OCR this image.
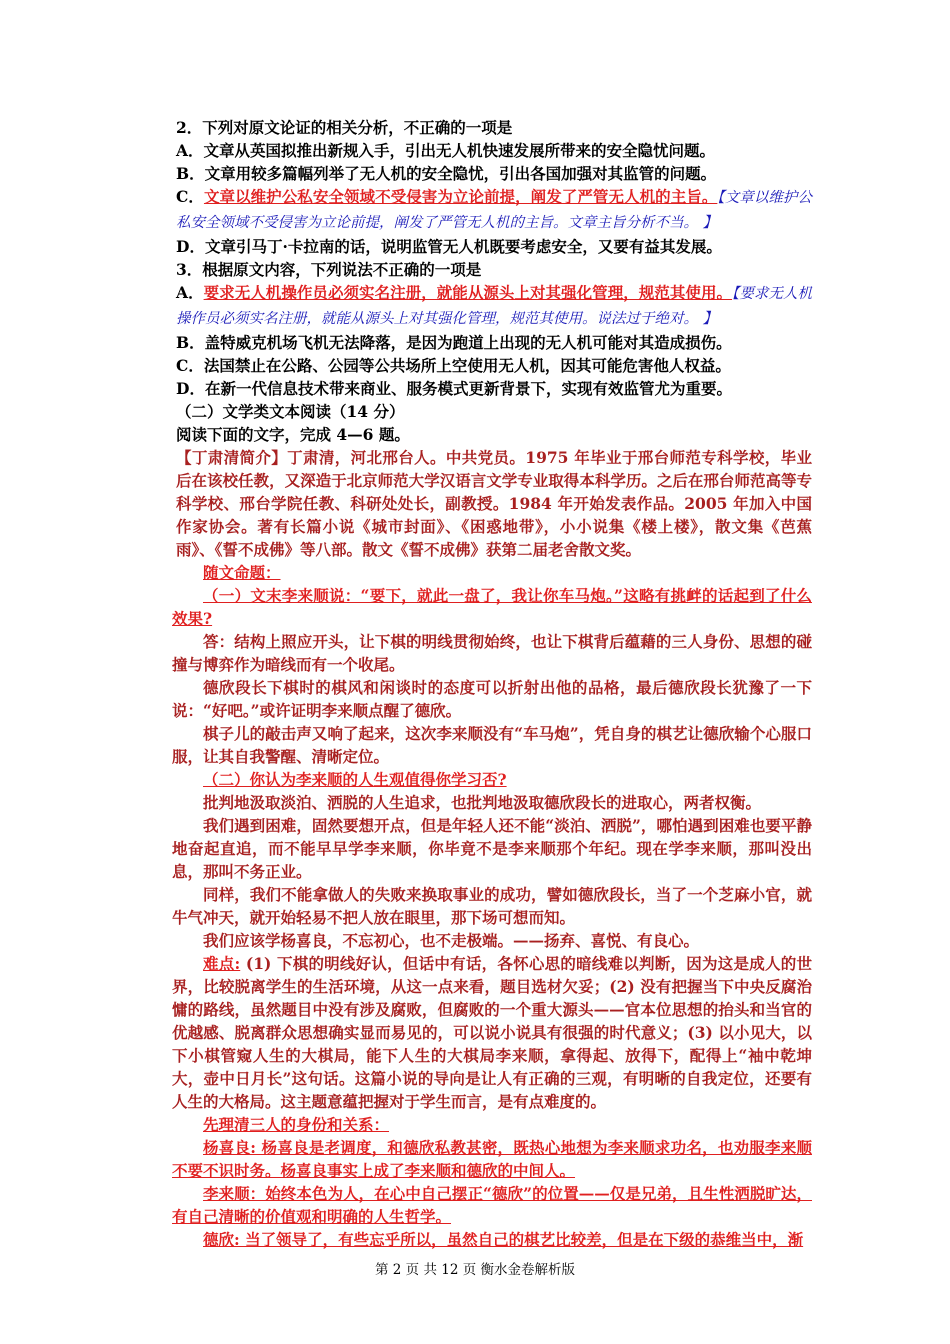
2．下列对原文论证的相关分析，不正确的一项是

A．文章从英国拟推出新规入手，引出无人机快速发展所带来的安全隐忧问题。

B．文章用较多篇幅列举了无人机的安全隐忧，引出各国加强对其监管的问题。

C．文章以维护公私安全领域不受侵害为立论前提，阐发了严管无人机的主旨。【文章以维护公私安全领域不受侵害为立论前提，阐发了严管无人机的主旨。文章主旨分析不当。 】

D．文章引马丁·卡拉南的话，说明监管无人机既要考虑安全，又要有益其发展。

3．根据原文内容，下列说法不正确的一项是

A．要求无人机操作员必须实名注册，就能从源头上对其强化管理，规范其使用。【要求无人机操作员必须实名注册，就能从源头上对其强化管理，规范其使用。说法过于绝对。 】

B．盖特威克机场飞机无法降落，是因为跑道上出现的无人机可能对其造成损伤。

C．法国禁止在公路、公园等公共场所上空使用无人机，因其可能危害他人权益。

D．在新一代信息技术带来商业、服务模式更新背景下，实现有效监管尤为重要。

（二）文学类文本阅读（14 分）

阅读下面的文字，完成 4—6 题。

【丁肃清简介】丁肃清，河北邢台人。中共党员。1975 年毕业于邢台师范专科学校，毕业后在该校任教，又深造于北京师范大学汉语言文学专业取得本科学历。之后在邢台师范高等专科学校、邢台学院任教、科研处处长，副教授。1984 年开始发表作品。2005 年加入中国作家协会。著有长篇小说《城市封面》、《困惑地带》，小小说集《楼上楼》，散文集《芭蕉雨》、《誓不成佛》等八部。散文《誓不成佛》获第二届老舍散文奖。

随文命题：

（一）文末李来顺说：“要下，就此一盘了，我让你车马炮。”这略有挑衅的话起到了什么效果?

答：结构上照应开头，让下棋的明线贯彻始终，也让下棋背后蕴藉的三人身份、思想的碰撞与博弈作为暗线而有一个收尾。

德欣段长下棋时的棋风和闲谈时的态度可以折射出他的品格，最后德欣段长犹豫了一下说：“好吧。”或许证明李来顺点醒了德欣。

棋子儿的敲击声又响了起来，这次李来顺没有“车马炮”，凭自身的棋艺让德欣输个心服口服，让其自我警醒、清晰定位。

（二）你认为李来顺的人生观值得你学习否?

批判地汲取淡泊、洒脱的人生追求，也批判地汲取德欣段长的进取心，两者权衡。

我们遇到困难，固然要想开点，但是年轻人还不能“淡泊、洒脱”，哪怕遇到困难也要平静地奋起直追，而不能早早学李来顺，你毕竟不是李来顺那个年纪。现在学李来顺，那叫没出息，那叫不务正业。

同样，我们不能拿做人的失败来换取事业的成功，譬如德欣段长，当了一个芝麻小官，就牛气冲天，就开始轻易不把人放在眼里，那下场可想而知。

我们应该学杨喜良，不忘初心，也不走极端。——扬弃、喜悦、有良心。

难点: (1) 下棋的明线好认，但话中有话，各怀心思的暗线难以判断，因为这是成人的世界，比较脱离学生的生活环境，从这一点来看，题目选材欠妥；(2) 没有把握当下中央反腐治慵的路线，虽然题目中没有涉及腐败，但腐败的一个重大源头——官本位思想的抬头和当官的优越感、脱离群众思想确实显而易见的，可以说小说具有很强的时代意义；(3) 以小见大，以下小棋管窥人生的大棋局，能下人生的大棋局李来顺，拿得起、放得下，配得上“袖中乾坤大，壶中日月长”这句话。这篇小说的导向是让人有正确的三观，有明晰的自我定位，还要有人生的大格局。这主题意蕴把握对于学生而言，是有点难度的。

先理清三人的身份和关系：

杨喜良: 杨喜良是老调度，和德欣私教甚密，既热心地想为李来顺求功名，也劝服李来顺不要不识时务。杨喜良事实上成了李来顺和德欣的中间人。

李来顺：始终本色为人，在心中自己摆正“德欣”的位置——仅是兄弟，且生性洒脱旷达，有自己清晰的价值观和明确的人生哲学。

德欣: 当了领导了，有些忘乎所以，虽然自己的棋艺比较差，但是在下级的恭维当中，渐

第 2 页 共 12 页 衡水金卷解析版
